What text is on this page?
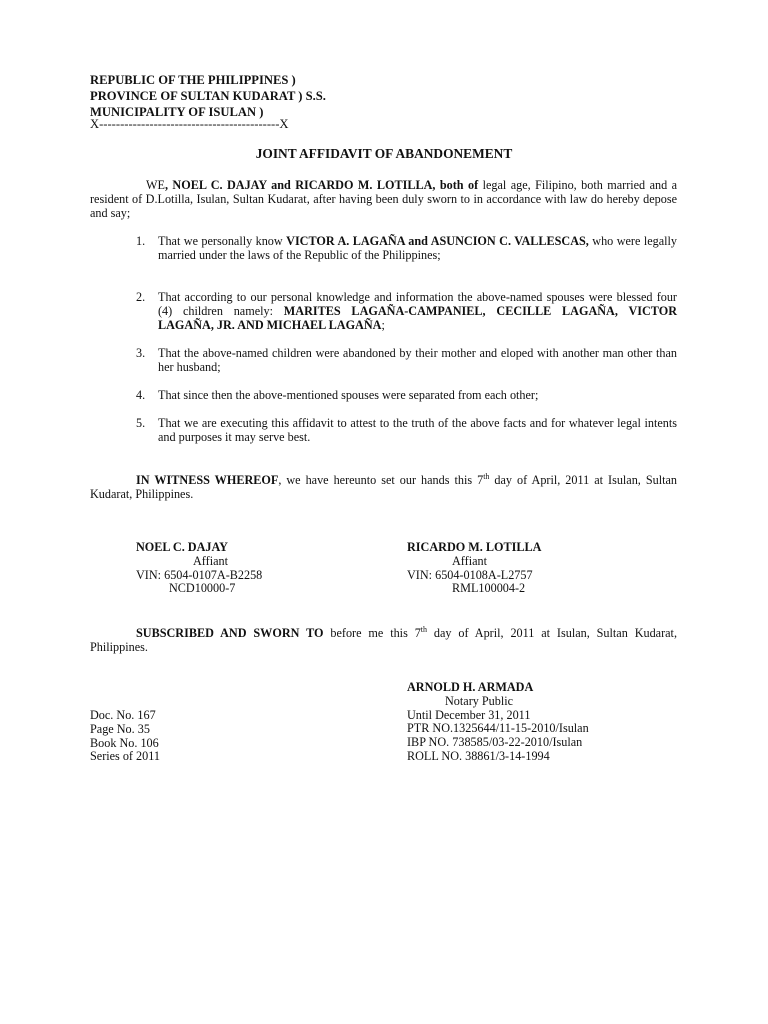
REPUBLIC OF THE PHILIPPINES )
PROVINCE OF SULTAN KUDARAT ) S.S.
MUNICIPALITY OF ISULAN )
X-------------------------------------------X
JOINT AFFIDAVIT OF ABANDONEMENT
WE, NOEL C. DAJAY and RICARDO M. LOTILLA, both of legal age, Filipino, both married and a resident of D.Lotilla, Isulan, Sultan Kudarat, after having been duly sworn to in accordance with law do hereby depose and say;
1.	That we personally know VICTOR A. LAGAÑA and ASUNCION C. VALLESCAS, who were legally married under the laws of the Republic of the Philippines;
2.	That according to our personal knowledge and information the above-named spouses were blessed four (4) children namely: MARITES LAGAÑA-CAMPANIEL, CECILLE LAGAÑA, VICTOR LAGAÑA, JR. AND MICHAEL LAGAÑA;
3.	That the above-named children were abandoned by their mother and eloped with another man other than her husband;
4.	That since then the above-mentioned spouses were separated from each other;
5.	That we are executing this affidavit to attest to the truth of the above facts and for whatever legal intents and purposes it may serve best.
IN WITNESS WHEREOF, we have hereunto set our hands this 7th day of April, 2011 at Isulan, Sultan Kudarat, Philippines.
NOEL C. DAJAY
Affiant
VIN: 6504-0107A-B2258
NCD10000-7
RICARDO M. LOTILLA
Affiant
VIN: 6504-0108A-L2757
RML100004-2
SUBSCRIBED AND SWORN TO before me this 7th day of April, 2011 at Isulan, Sultan Kudarat, Philippines.
ARNOLD H. ARMADA
Notary Public
Until December 31, 2011
PTR NO.1325644/11-15-2010/Isulan
IBP NO. 738585/03-22-2010/Isulan
ROLL NO. 38861/3-14-1994
Doc. No. 167
Page No. 35
Book No. 106
Series of 2011
